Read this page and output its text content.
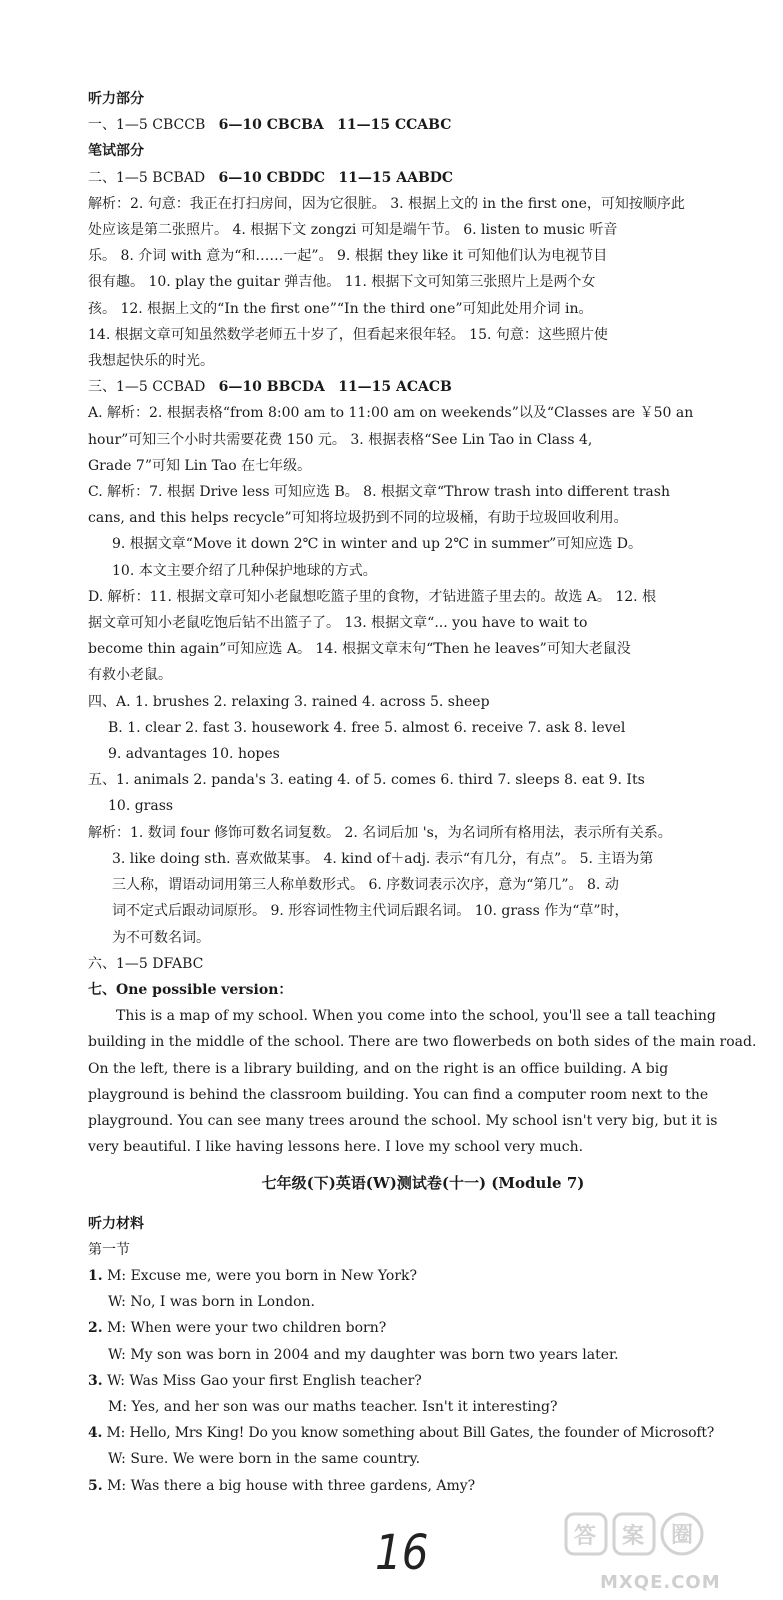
听力部分
一、1—5 CBCCB 6—10 CBCBA 11—15 CCABC
笔试部分
二、1—5 BCBAD 6—10 CBDDC 11—15 AABDC
解析：2. 句意：我正在打扫房间，因为它很脏。 3. 根据上文的 in the first one，可知按顺序此
处应该是第二张照片。 4. 根据下文 zongzi 可知是端午节。 6. listen to music 听音
乐。 8. 介词 with 意为“和……一起”。 9. 根据 they like it 可知他们认为电视节目
很有趣。 10. play the guitar 弹吉他。 11. 根据下文可知第三张照片上是两个女
孩。 12. 根据上文的“In the first one”“In the third one”可知此处用介词 in。
14. 根据文章可知虽然数学老师五十岁了，但看起来很年轻。 15. 句意：这些照片使
我想起快乐的时光。
三、1—5 CCBAD 6—10 BBCDA 11—15 ACACB
A. 解析：2. 根据表格“from 8:00 am to 11:00 am on weekends”以及“Classes are ￥50 an
hour”可知三个小时共需要花费 150 元。 3. 根据表格“See Lin Tao in Class 4,
Grade 7”可知 Lin Tao 在七年级。
C. 解析：7. 根据 Drive less 可知应选 B。 8. 根据文章“Throw trash into different trash
cans, and this helps recycle”可知将垃圾扔到不同的垃圾桶，有助于垃圾回收利用。
9. 根据文章“Move it down 2℃ in winter and up 2℃ in summer”可知应选 D。
10. 本文主要介绍了几种保护地球的方式。
D. 解析：11. 根据文章可知小老鼠想吃篮子里的食物，才钻进篮子里去的。故选 A。 12. 根
据文章可知小老鼠吃饱后钻不出篮子了。 13. 根据文章“... you have to wait to
become thin again”可知应选 A。 14. 根据文章末句“Then he leaves”可知大老鼠没
有救小老鼠。
四、A. 1. brushes 2. relaxing 3. rained 4. across 5. sheep
B. 1. clear 2. fast 3. housework 4. free 5. almost 6. receive 7. ask 8. level
9. advantages 10. hopes
五、1. animals 2. panda's 3. eating 4. of 5. comes 6. third 7. sleeps 8. eat 9. Its
10. grass
解析：1. 数词 four 修饰可数名词复数。 2. 名词后加 's，为名词所有格用法，表示所有关系。
3. like doing sth. 喜欢做某事。 4. kind of＋adj. 表示“有几分，有点”。 5. 主语为第
三人称，谓语动词用第三人称单数形式。 6. 序数词表示次序，意为“第几”。 8. 动
词不定式后跟动词原形。 9. 形容词性物主代词后跟名词。 10. grass 作为“草”时，
为不可数名词。
六、1—5 DFABC
七、One possible version：
This is a map of my school. When you come into the school, you'll see a tall teaching
building in the middle of the school. There are two flowerbeds on both sides of the main road.
On the left, there is a library building, and on the right is an office building. A big
playground is behind the classroom building. You can find a computer room next to the
playground. You can see many trees around the school. My school isn't very big, but it is
very beautiful. I like having lessons here. I love my school very much.
七年级(下)英语(W)测试卷(十一) (Module 7)
听力材料
第一节
1. M: Excuse me, were you born in New York?
W: No, I was born in London.
2. M: When were your two children born?
W: My son was born in 2004 and my daughter was born two years later.
3. W: Was Miss Gao your first English teacher?
M: Yes, and her son was our maths teacher. Isn't it interesting?
4. M: Hello, Mrs King! Do you know something about Bill Gates, the founder of Microsoft?
W: Sure. We were born in the same country.
5. M: Was there a big house with three gardens, Amy?
16	答 案 圈
MXQE.COM
